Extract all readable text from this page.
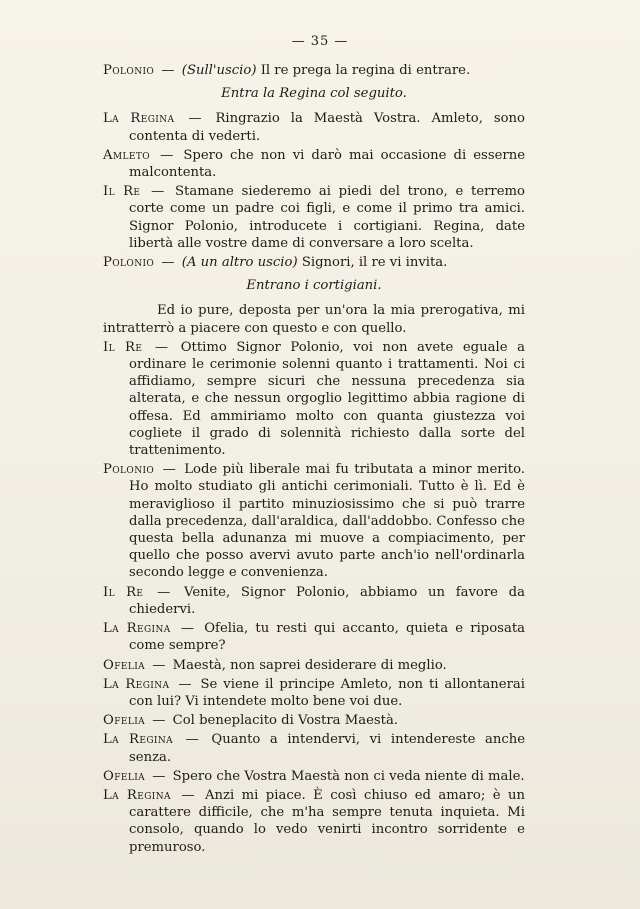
— 35 —

Polonio — (Sull'uscio) Il re prega la regina di entrare.

Entra la Regina col seguito.

La Regina — Ringrazio la Maestà Vostra. Amleto, sono contenta di vederti.

Amleto — Spero che non vi darò mai occasione di esserne malcontenta.

Il Re — Stamane siederemo ai piedi del trono, e terremo corte come un padre coi figli, e come il primo tra amici. Signor Polonio, introducete i cortigiani. Regina, date libertà alle vostre dame di conversare a loro scelta.

Polonio — (A un altro uscio) Signori, il re vi invita.

Entrano i cortigiani.

Ed io pure, deposta per un'ora la mia prerogativa, mi intratterrò a piacere con questo e con quello.

Il Re — Ottimo Signor Polonio, voi non avete eguale a ordinare le cerimonie solenni quanto i trattamenti. Noi ci affidiamo, sempre sicuri che nessuna precedenza sia alterata, e che nessun orgoglio legittimo abbia ragione di offesa. Ed ammiriamo molto con quanta giustezza voi cogliete il grado di solennità richiesto dalla sorte del trattenimento.

Polonio — Lode più liberale mai fu tributata a minor merito. Ho molto studiato gli antichi cerimoniali. Tutto è lì. Ed è meraviglioso il partito minuziosissimo che si può trarre dalla precedenza, dall'araldica, dall'addobbo. Confesso che questa bella adunanza mi muove a compiacimento, per quello che posso avervi avuto parte anch'io nell'ordinarla secondo legge e convenienza.

Il Re — Venite, Signor Polonio, abbiamo un favore da chiedervi.

La Regina — Ofelia, tu resti qui accanto, quieta e riposata come sempre?

Ofelia — Maestà, non saprei desiderare di meglio.

La Regina — Se viene il principe Amleto, non ti allontanerai con lui? Vi intendete molto bene voi due.

Ofelia — Col beneplacito di Vostra Maestà.

La Regina — Quanto a intendervi, vi intendereste anche senza.

Ofelia — Spero che Vostra Maestà non ci veda niente di male.

La Regina — Anzi mi piace. È così chiuso ed amaro; è un carattere difficile, che m'ha sempre tenuta inquieta. Mi consolo, quando lo vedo venirti incontro sorridente e premuroso.
